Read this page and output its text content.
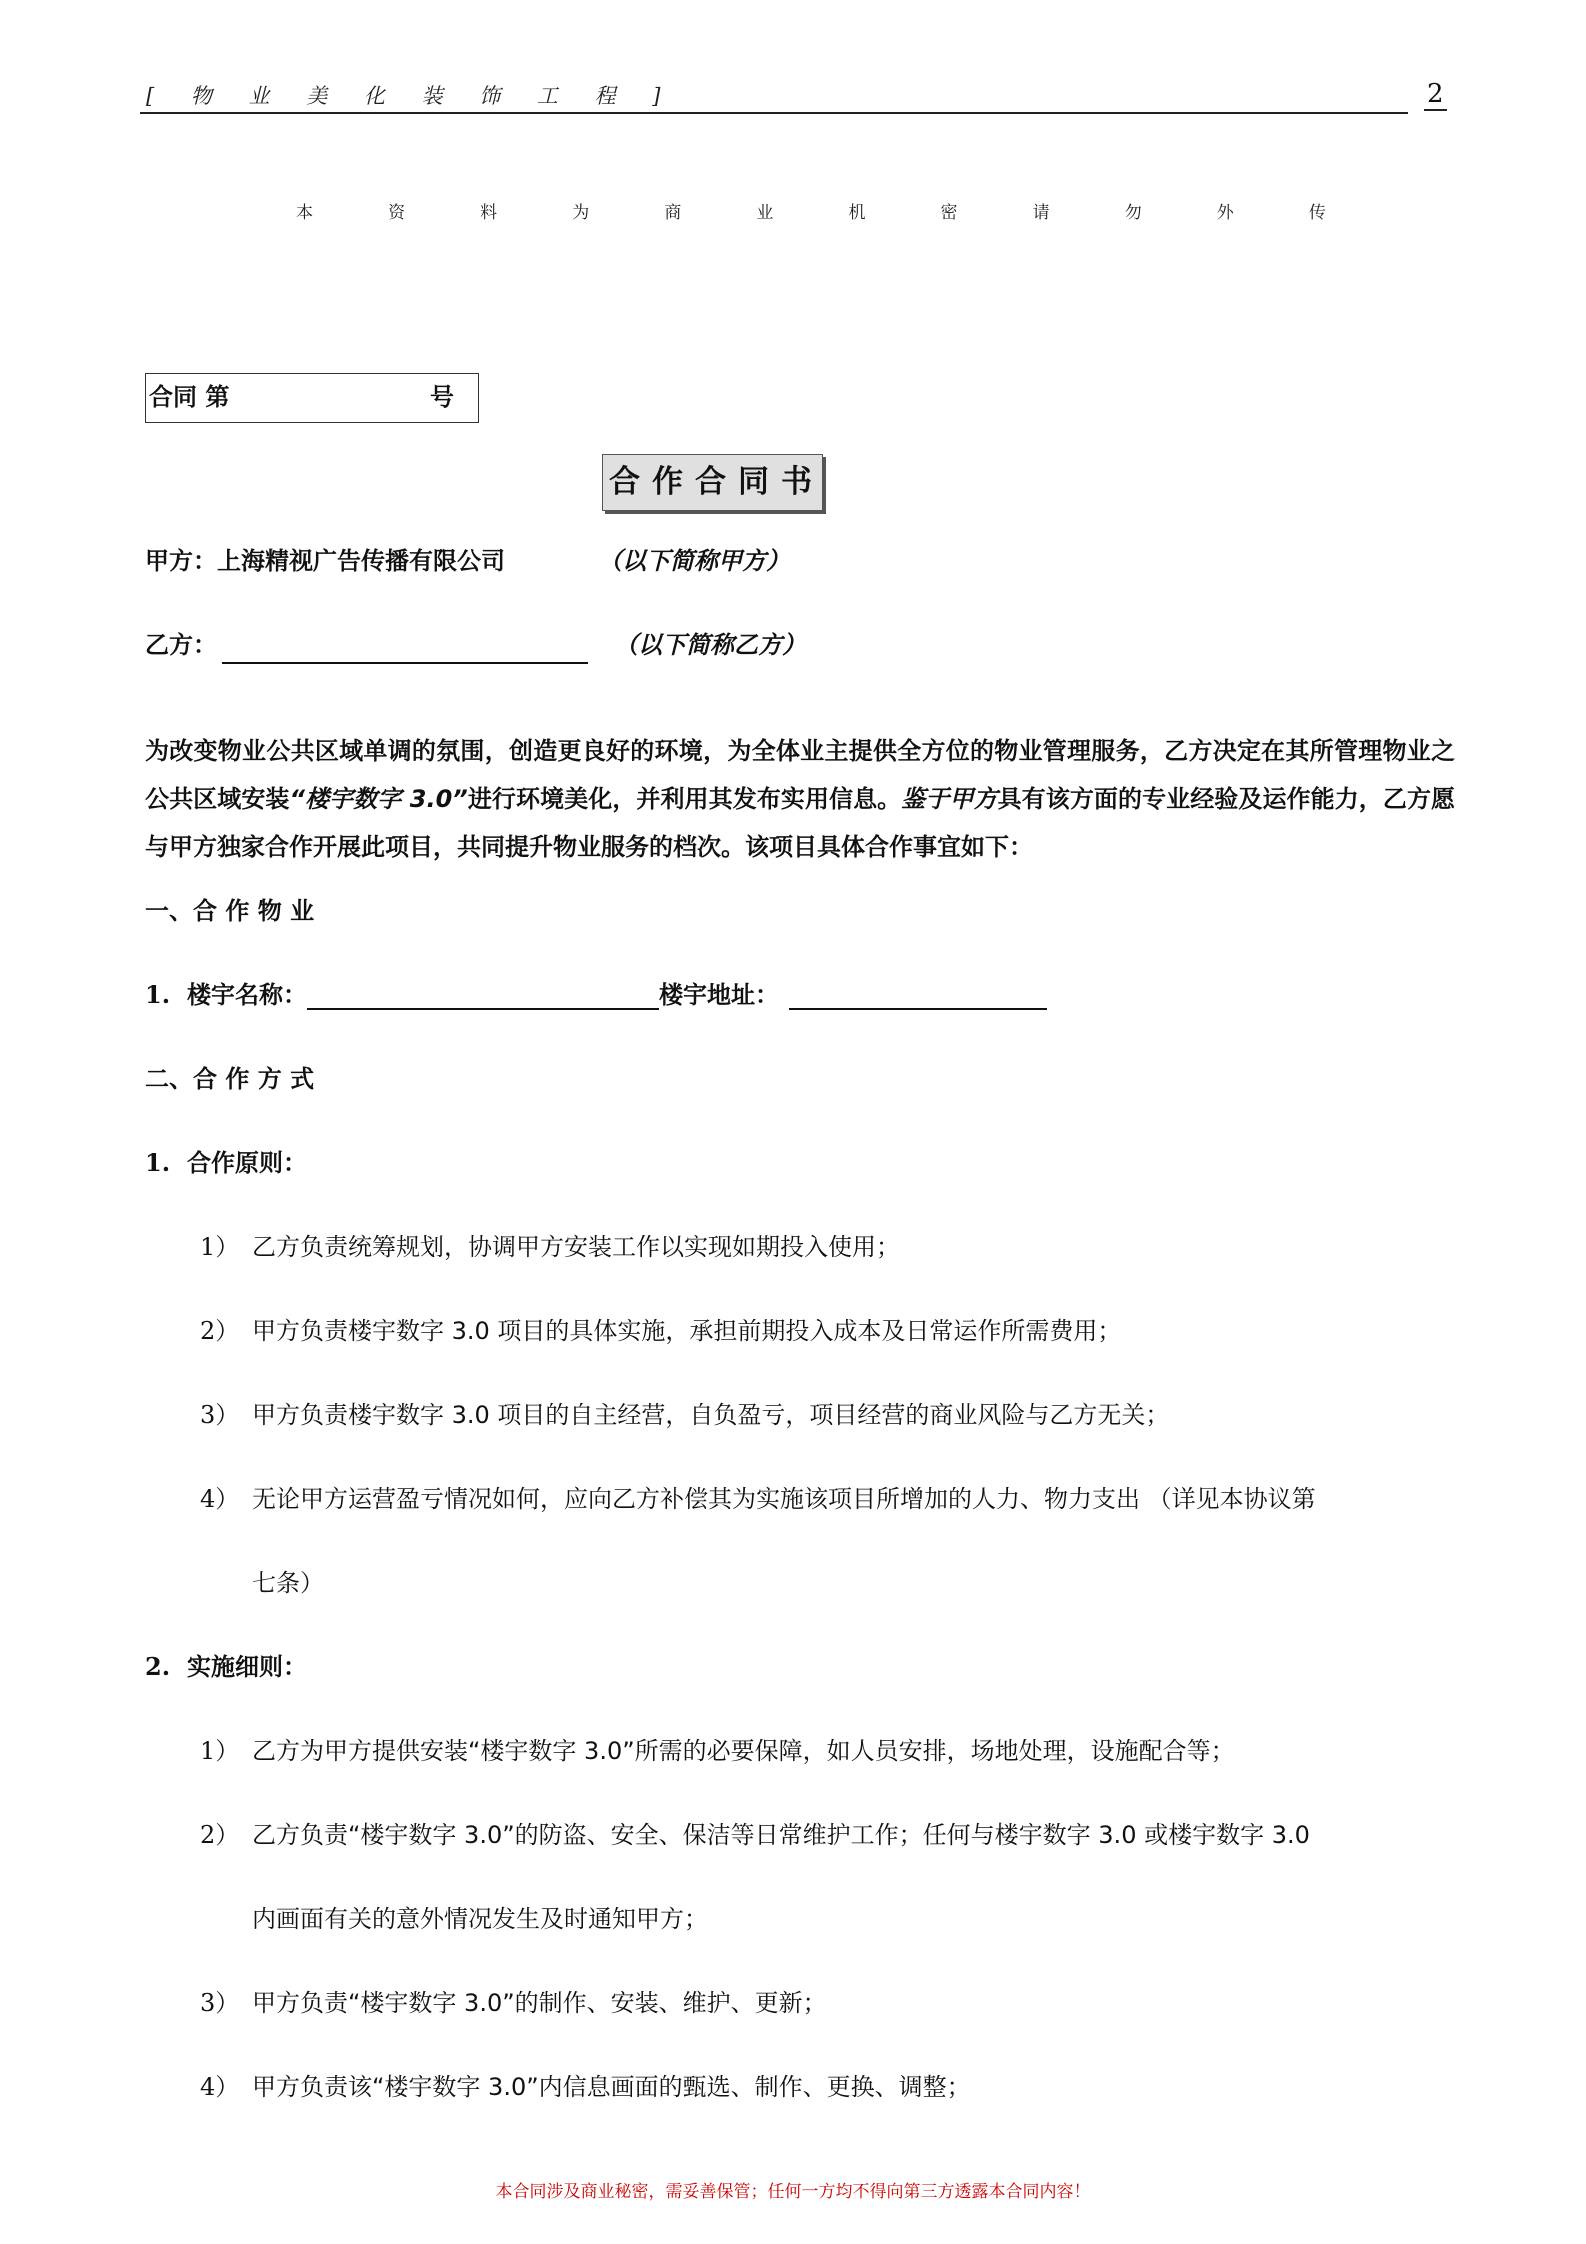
[ 物 业 美 化 装 饰 工 程 ]	2
本	资	料	为	商	业	机	密	请	勿	外	传
合同 第	号
合作合同书
甲方：上海精视广告传播有限公司	（以下简称甲方）
乙方：	（以下简称乙方）
为改变物业公共区域单调的氛围，创造更良好的环境，为全体业主提供全方位的物业管理服务，乙方决定在其所管理物业之公共区域安装“楼宇数字 3.0”进行环境美化，并利用其发布实用信息。鉴于甲方具有该方面的专业经验及运作能力，乙方愿与甲方独家合作开展此项目，共同提升物业服务的档次。该项目具体合作事宜如下：
一、合 作 物 业
1. 楼宇名称：	楼宇地址：
二、合 作 方 式
1. 合作原则：
1） 乙方负责统筹规划，协调甲方安装工作以实现如期投入使用；
2） 甲方负责楼宇数字 3.0 项目的具体实施，承担前期投入成本及日常运作所需费用；
3） 甲方负责楼宇数字 3.0 项目的自主经营，自负盈亏，项目经营的商业风险与乙方无关；
4） 无论甲方运营盈亏情况如何，应向乙方补偿其为实施该项目所增加的人力、物力支出 （详见本协议第
七条）
2. 实施细则：
1） 乙方为甲方提供安装“楼宇数字 3.0”所需的必要保障，如人员安排，场地处理，设施配合等；
2） 乙方负责“楼宇数字 3.0”的防盗、安全、保洁等日常维护工作；任何与楼宇数字 3.0 或楼宇数字 3.0
内画面有关的意外情况发生及时通知甲方；
3） 甲方负责“楼宇数字 3.0”的制作、安装、维护、更新；
4） 甲方负责该“楼宇数字 3.0”内信息画面的甄选、制作、更换、调整；
本合同涉及商业秘密，需妥善保管；任何一方均不得向第三方透露本合同内容！
